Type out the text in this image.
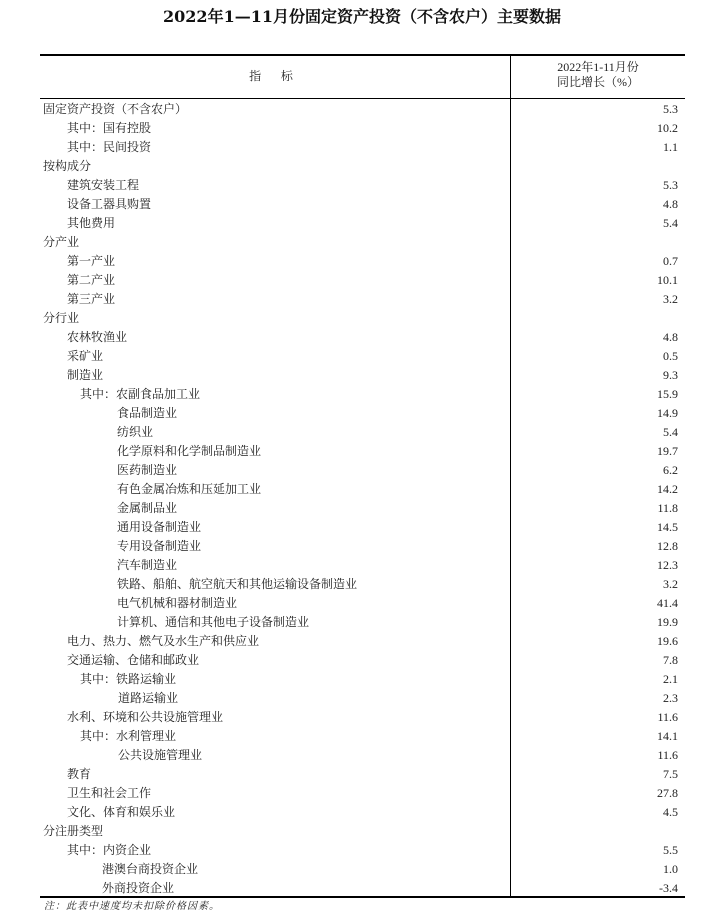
2022年1—11月份固定资产投资（不含农户）主要数据
指 标
2022年1-11月份
同比增长（%）
固定资产投资（不含农户）	5.3
其中：国有控股	10.2
其中：民间投资	1.1
按构成分
建筑安装工程	5.3
设备工器具购置	4.8
其他费用	5.4
分产业
第一产业	0.7
第二产业	10.1
第三产业	3.2
分行业
农林牧渔业	4.8
采矿业	0.5
制造业	9.3
其中：农副食品加工业	15.9
食品制造业	14.9
纺织业	5.4
化学原料和化学制品制造业	19.7
医药制造业	6.2
有色金属冶炼和压延加工业	14.2
金属制品业	11.8
通用设备制造业	14.5
专用设备制造业	12.8
汽车制造业	12.3
铁路、船舶、航空航天和其他运输设备制造业	3.2
电气机械和器材制造业	41.4
计算机、通信和其他电子设备制造业	19.9
电力、热力、燃气及水生产和供应业	19.6
交通运输、仓储和邮政业	7.8
其中：铁路运输业	2.1
道路运输业	2.3
水利、环境和公共设施管理业	11.6
其中：水利管理业	14.1
公共设施管理业	11.6
教育	7.5
卫生和社会工作	27.8
文化、体育和娱乐业	4.5
分注册类型
其中：内资企业	5.5
港澳台商投资企业	1.0
外商投资企业	-3.4
注：此表中速度均未扣除价格因素。
